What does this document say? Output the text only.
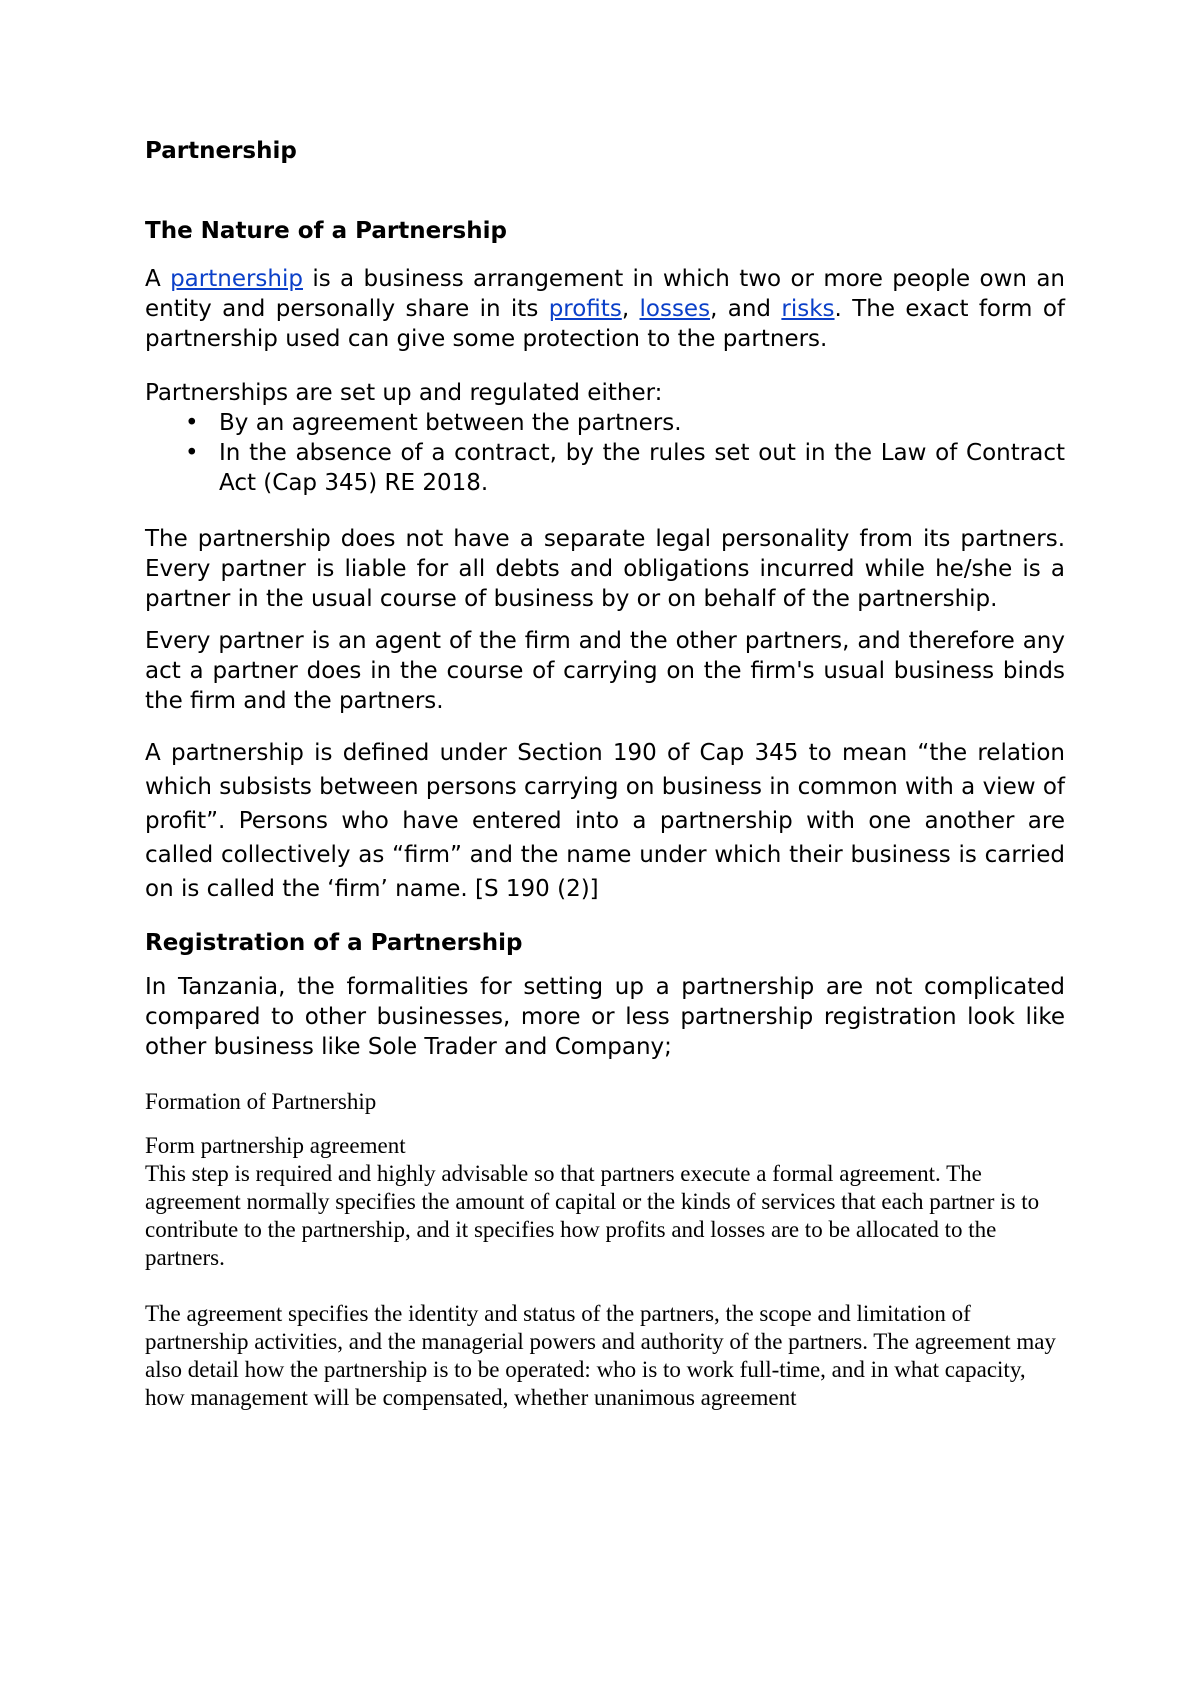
Partnership

The Nature of a Partnership

A partnership is a business arrangement in which two or more people own an entity and personally share in its profits, losses, and risks. The exact form of partnership used can give some protection to the partners.

Partnerships are set up and regulated either:

• By an agreement between the partners.
• In the absence of a contract, by the rules set out in the Law of Contract Act (Cap 345) RE 2018.

The partnership does not have a separate legal personality from its partners. Every partner is liable for all debts and obligations incurred while he/she is a partner in the usual course of business by or on behalf of the partnership.

Every partner is an agent of the firm and the other partners, and therefore any act a partner does in the course of carrying on the firm's usual business binds the firm and the partners.

A partnership is defined under Section 190 of Cap 345 to mean “the relation which subsists between persons carrying on business in common with a view of profit”. Persons who have entered into a partnership with one another are called collectively as “firm” and the name under which their business is carried on is called the ‘firm’ name. [S 190 (2)]

Registration of a Partnership

In Tanzania, the formalities for setting up a partnership are not complicated compared to other businesses, more or less partnership registration look like other business like Sole Trader and Company;

Formation of Partnership

Form partnership agreement

This step is required and highly advisable so that partners execute a formal agreement. The agreement normally specifies the amount of capital or the kinds of services that each partner is to contribute to the partnership, and it specifies how profits and losses are to be allocated to the partners.

The agreement specifies the identity and status of the partners, the scope and limitation of partnership activities, and the managerial powers and authority of the partners. The agreement may also detail how the partnership is to be operated: who is to work full-time, and in what capacity, how management will be compensated, whether unanimous agreement
